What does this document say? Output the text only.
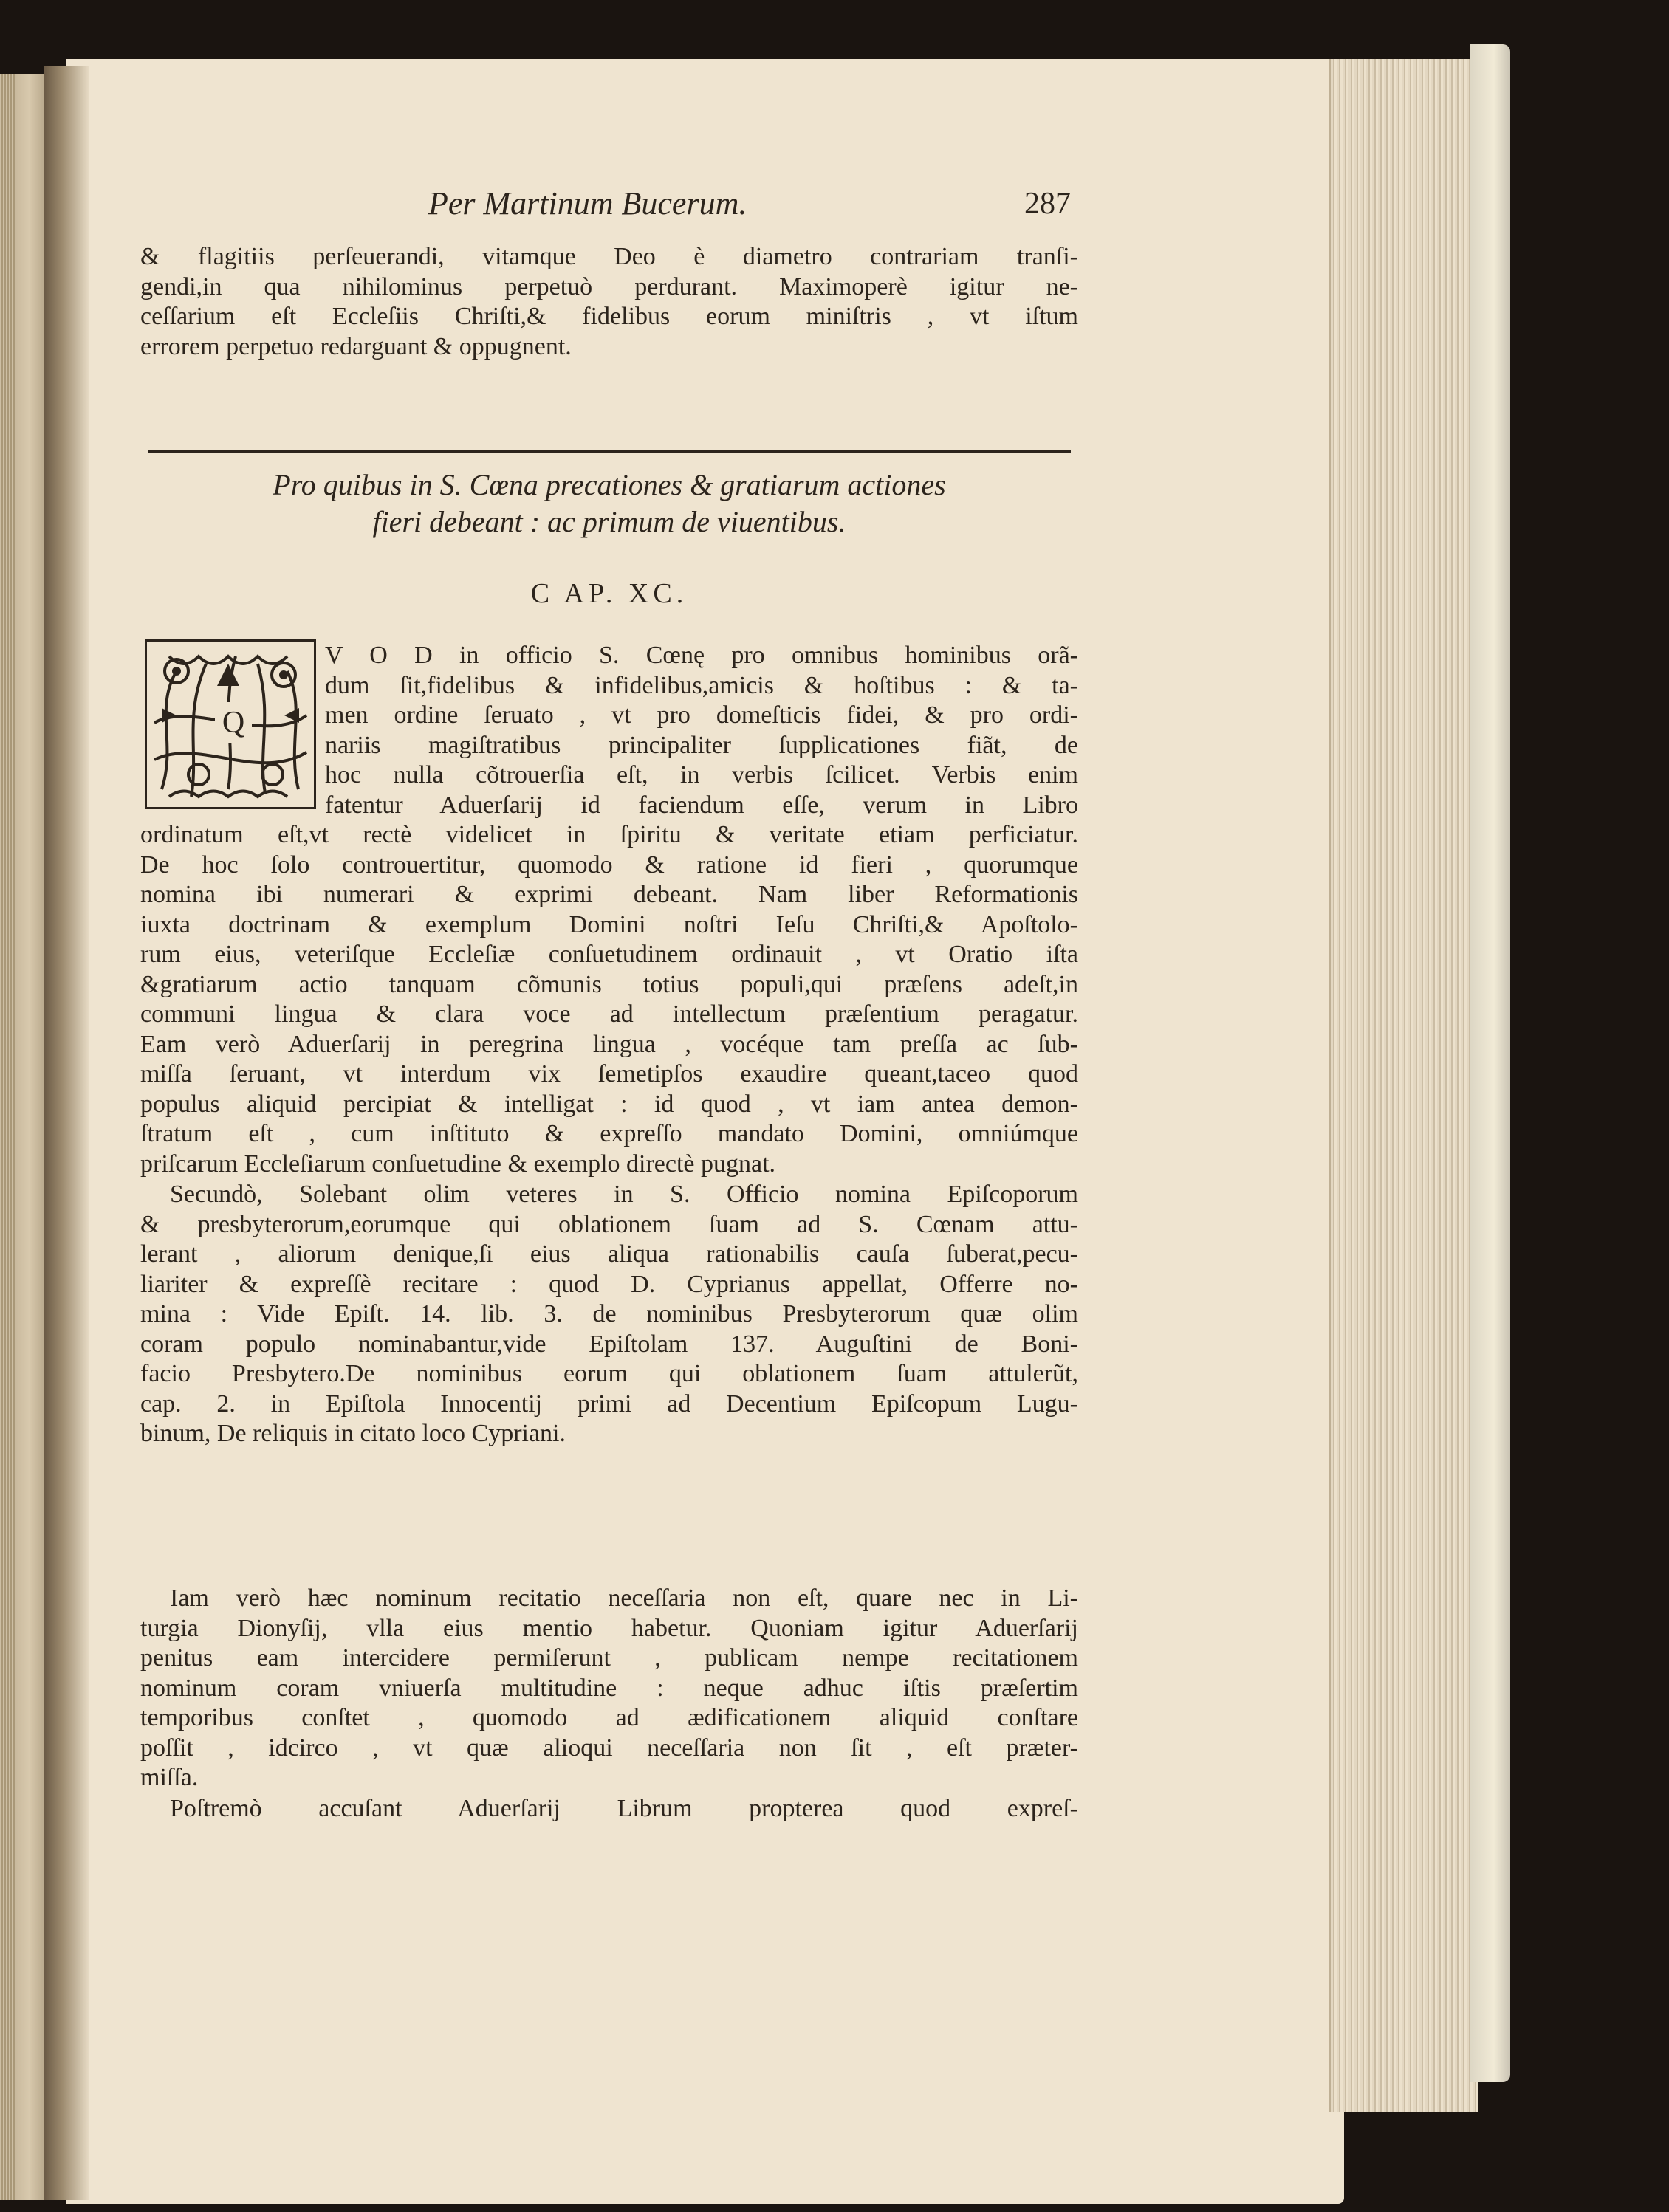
Per Martinum Bucerum.	287
& flagitiis perſeuerandi, vitamque Deo è diametro contrariam tranſi-
gendi,in qua nihilominus perpetuò perdurant. Maximoperè igitur ne-
ceſſarium eſt Eccleſiis Chriſti,& fidelibus eorum miniſtris , vt iſtum
errorem perpetuo redarguant & oppugnent.
Pro quibus in S. Cœna precationes & gratiarum actiones
fieri debeant : ac primum de viuentibus.
C AP. XC.
Q
V O D in officio S. Cœnę pro omnibus hominibus orã-
dum ſit,fidelibus & infidelibus,amicis & hoſtibus : & ta-
men ordine ſeruato , vt pro domeſticis fidei, & pro ordi-
nariis magiſtratibus principaliter ſupplicationes fiãt, de
hoc nulla cõtrouerſia eſt, in verbis ſcilicet. Verbis enim
fatentur Aduerſarij id faciendum eſſe, verum in Libro
ordinatum eſt,vt rectè videlicet in ſpiritu & veritate etiam perficiatur.
De hoc ſolo controuertitur, quomodo & ratione id fieri , quorumque
nomina ibi numerari & exprimi debeant. Nam liber Reformationis
iuxta doctrinam & exemplum Domini noſtri Ieſu Chriſti,& Apoſtolo-
rum eius, veteriſque Eccleſiæ conſuetudinem ordinauit , vt Oratio iſta
&gratiarum actio tanquam cõmunis totius populi,qui præſens adeſt,in
communi lingua & clara voce ad intellectum præſentium peragatur.
Eam verò Aduerſarij in peregrina lingua , vocéque tam preſſa ac ſub-
miſſa ſeruant, vt interdum vix ſemetipſos exaudire queant,taceo quod
populus aliquid percipiat & intelligat : id quod , vt iam antea demon-
ſtratum eſt , cum inſtituto & expreſſo mandato Domini, omniúmque
priſcarum Eccleſiarum conſuetudine & exemplo directè pugnat.
Secundò, Solebant olim veteres in S. Officio nomina Epiſcoporum
& presbyterorum,eorumque qui oblationem ſuam ad S. Cœnam attu-
lerant , aliorum denique,ſi eius aliqua rationabilis cauſa ſuberat,pecu-
liariter & expreſſè recitare : quod D. Cyprianus appellat, Offerre no-
mina : Vide Epiſt. 14. lib. 3. de nominibus Presbyterorum quæ olim
coram populo nominabantur,vide Epiſtolam 137. Auguſtini de Boni-
facio Presbytero.De nominibus eorum qui oblationem ſuam attulerũt,
cap. 2. in Epiſtola Innocentij primi ad Decentium Epiſcopum Lugu-
binum, De reliquis in citato loco Cypriani.
Iam verò hæc nominum recitatio neceſſaria non eſt, quare nec in Li-
turgia Dionyſij, vlla eius mentio habetur. Quoniam igitur Aduerſarij
penitus eam intercidere permiſerunt , publicam nempe recitationem
nominum coram vniuerſa multitudine : neque adhuc iſtis præſertim
temporibus conſtet , quomodo ad ædificationem aliquid conſtare
poſſit , idcirco , vt quæ alioqui neceſſaria non ſit , eſt præter-
miſſa.
Poſtremò accuſant Aduerſarij Librum propterea quod expreſ-
